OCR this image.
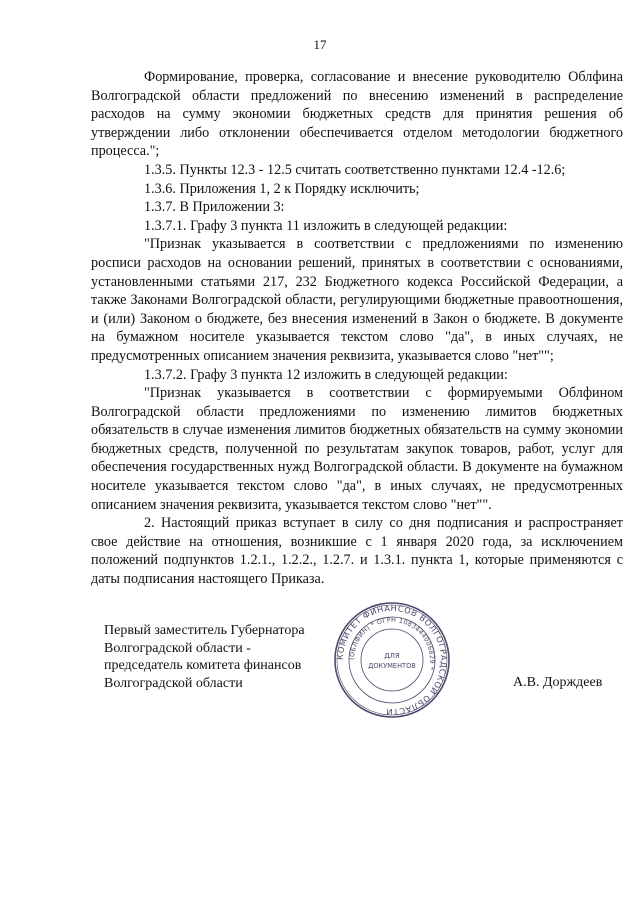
17

Формирование, проверка, согласование и внесение руководителю Облфина Волгоградской области предложений по внесению изменений в распределение расходов на сумму экономии бюджетных средств для принятия решения об утверждении либо отклонении обеспечивается отделом методологии бюджетного процесса.";

1.3.5. Пункты 12.3 - 12.5 считать соответственно пунктами 12.4 -12.6;

1.3.6. Приложения 1, 2 к Порядку исключить;

1.3.7. В Приложении 3:

1.3.7.1. Графу 3 пункта 11 изложить в следующей редакции:

"Признак указывается в соответствии с предложениями по изменению росписи расходов на основании решений, принятых в соответствии с основаниями, установленными статьями 217, 232 Бюджетного кодекса Российской Федерации, а также Законами Волгоградской области, регулирующими бюджетные правоотношения, и (или) Законом о бюджете, без внесения изменений в Закон о бюджете. В документе на бумажном носителе указывается текстом слово "да", в иных случаях, не предусмотренных описанием значения реквизита, указывается слово "нет"";

1.3.7.2. Графу 3 пункта 12 изложить в следующей редакции:

"Признак указывается в соответствии с формируемыми Облфином Волгоградской области предложениями по изменению лимитов бюджетных обязательств в случае изменения лимитов бюджетных обязательств на сумму экономии бюджетных средств, полученной по результатам закупок товаров, работ, услуг для обеспечения государственных нужд Волгоградской области. В документе на бумажном носителе указывается текстом слово "да", в иных случаях, не предусмотренных описанием значения реквизита, указывается текстом слово "нет"".

2. Настоящий приказ вступает в силу со дня подписания и распространяет свое действие на отношения, возникшие с 1 января 2020 года, за исключением положений подпунктов 1.2.1., 1.2.2., 1.2.7. и 1.3.1. пункта 1, которые применяются с даты подписания настоящего Приказа.

Первый заместитель Губернатора
Волгоградской области -
председатель комитета финансов
Волгоградской области
КОМИТЕТ ФИНАНСОВ ВОЛГОГРАДСКОЙ ОБЛАСТИ
(ОБЛФИН) * ОГРН 1083444006829 *
ДЛЯ
ДОКУМЕНТОВ
А.В. Дорждеев
